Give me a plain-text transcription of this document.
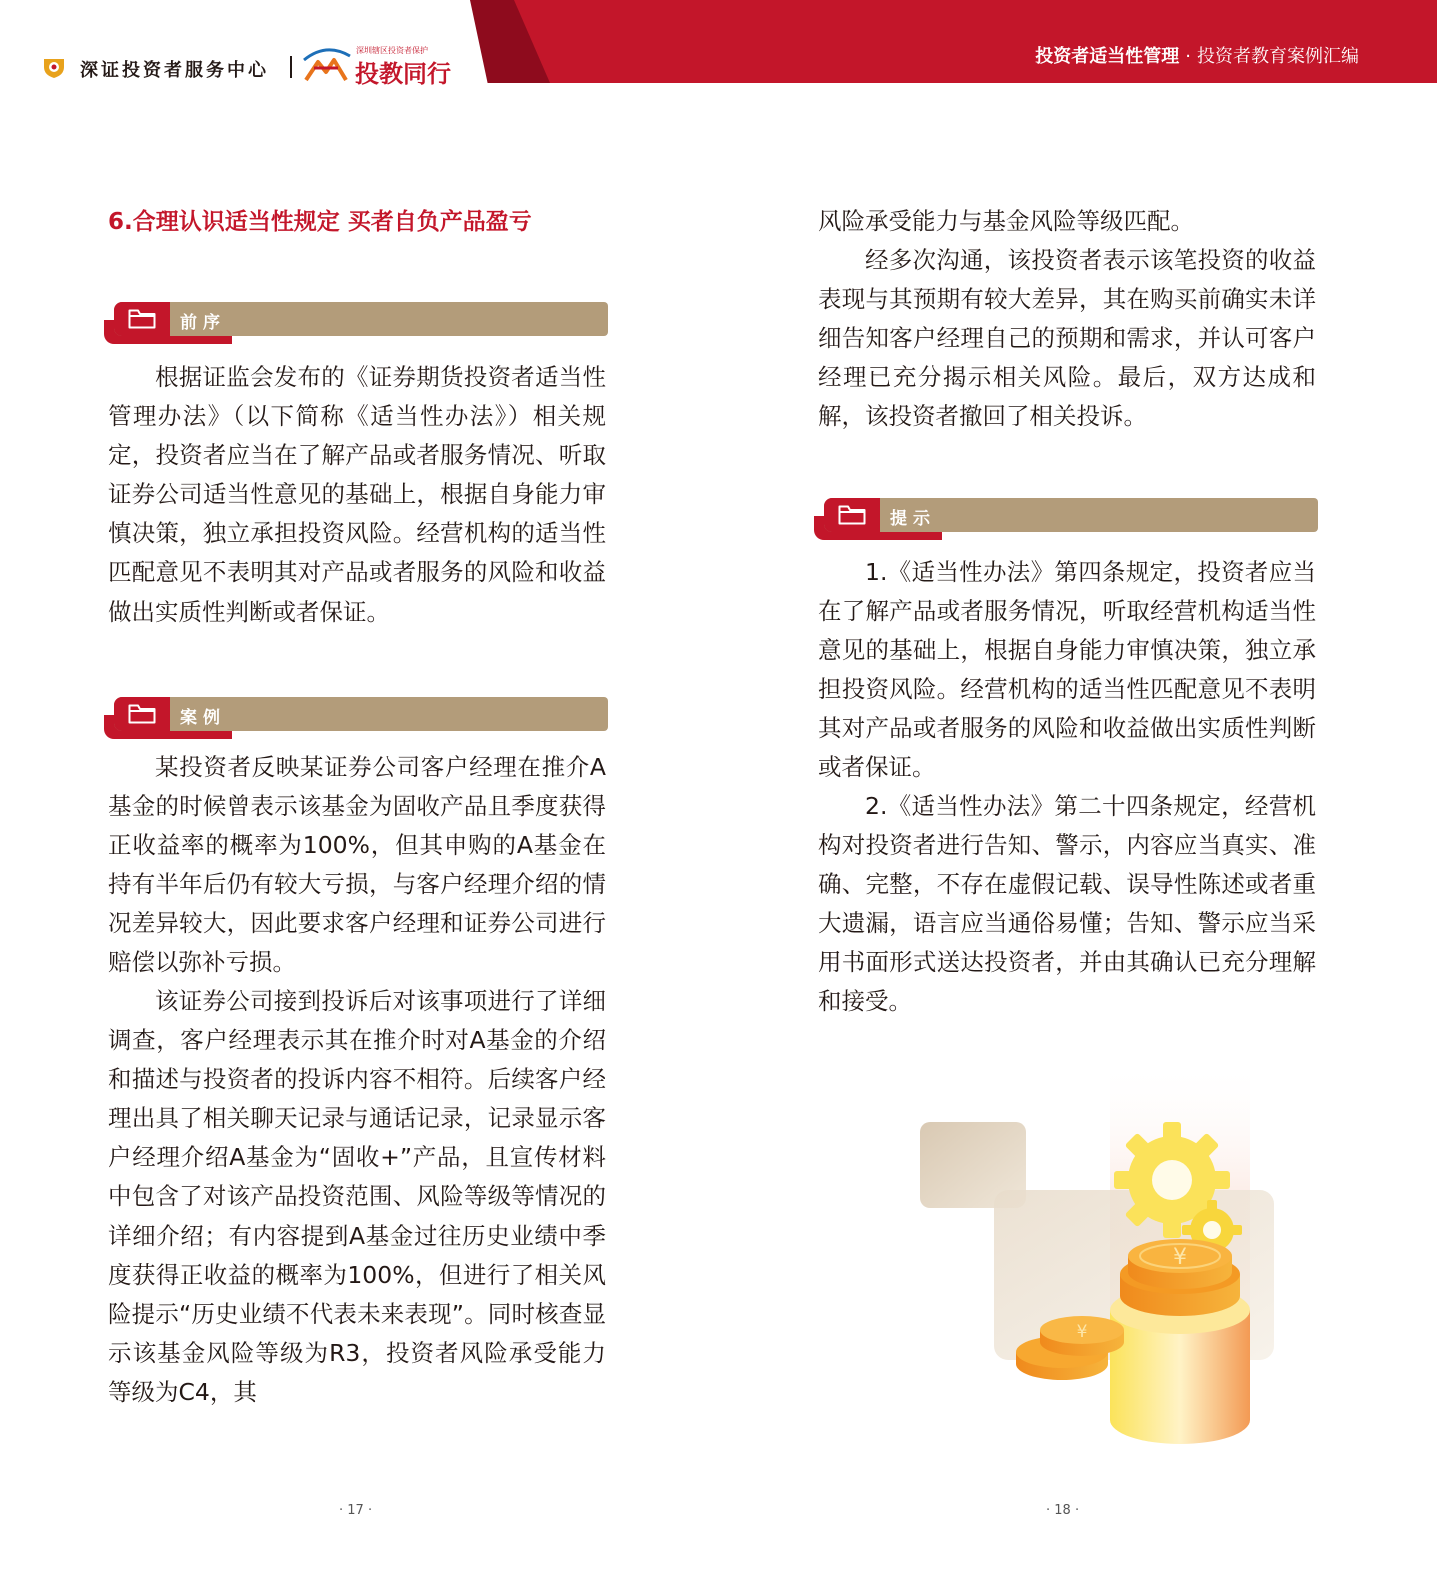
投资者适当性管理 · 投资者教育案例汇编
深证投资者服务中心
深圳辖区投资者保护
投教同行
6.合理认识适当性规定 买者自负产品盈亏
前序

根据证监会发布的《证券期货投资者适当性管理办法》（以下简称《适当性办法》）相关规定，投资者应当在了解产品或者服务情况、听取证券公司适当性意见的基础上，根据自身能力审慎决策，独立承担投资风险。经营机构的适当性匹配意见不表明其对产品或者服务的风险和收益做出实质性判断或者保证。

案例

某投资者反映某证券公司客户经理在推介A基金的时候曾表示该基金为固收产品且季度获得正收益率的概率为100%，但其申购的A基金在持有半年后仍有较大亏损，与客户经理介绍的情况差异较大，因此要求客户经理和证券公司进行赔偿以弥补亏损。

该证券公司接到投诉后对该事项进行了详细调查，客户经理表示其在推介时对A基金的介绍和描述与投资者的投诉内容不相符。后续客户经理出具了相关聊天记录与通话记录，记录显示客户经理介绍A基金为“固收+”产品，且宣传材料中包含了对该产品投资范围、风险等级等情况的详细介绍；有内容提到A基金过往历史业绩中季度获得正收益的概率为100%，但进行了相关风险提示“历史业绩不代表未来表现”。同时核查显示该基金风险等级为R3，投资者风险承受能力等级为C4，其

风险承受能力与基金风险等级匹配。

经多次沟通，该投资者表示该笔投资的收益表现与其预期有较大差异，其在购买前确实未详细告知客户经理自己的预期和需求，并认可客户经理已充分揭示相关风险。最后，双方达成和解，该投资者撤回了相关投诉。

提示

1.《适当性办法》第四条规定，投资者应当在了解产品或者服务情况，听取经营机构适当性意见的基础上，根据自身能力审慎决策，独立承担投资风险。经营机构的适当性匹配意见不表明其对产品或者服务的风险和收益做出实质性判断或者保证。

2.《适当性办法》第二十四条规定，经营机构对投资者进行告知、警示，内容应当真实、准确、完整，不存在虚假记载、误导性陈述或者重大遗漏，语言应当通俗易懂；告知、警示应当采用书面形式送达投资者，并由其确认已充分理解和接受。

¥
¥
· 17 ·	· 18 ·
